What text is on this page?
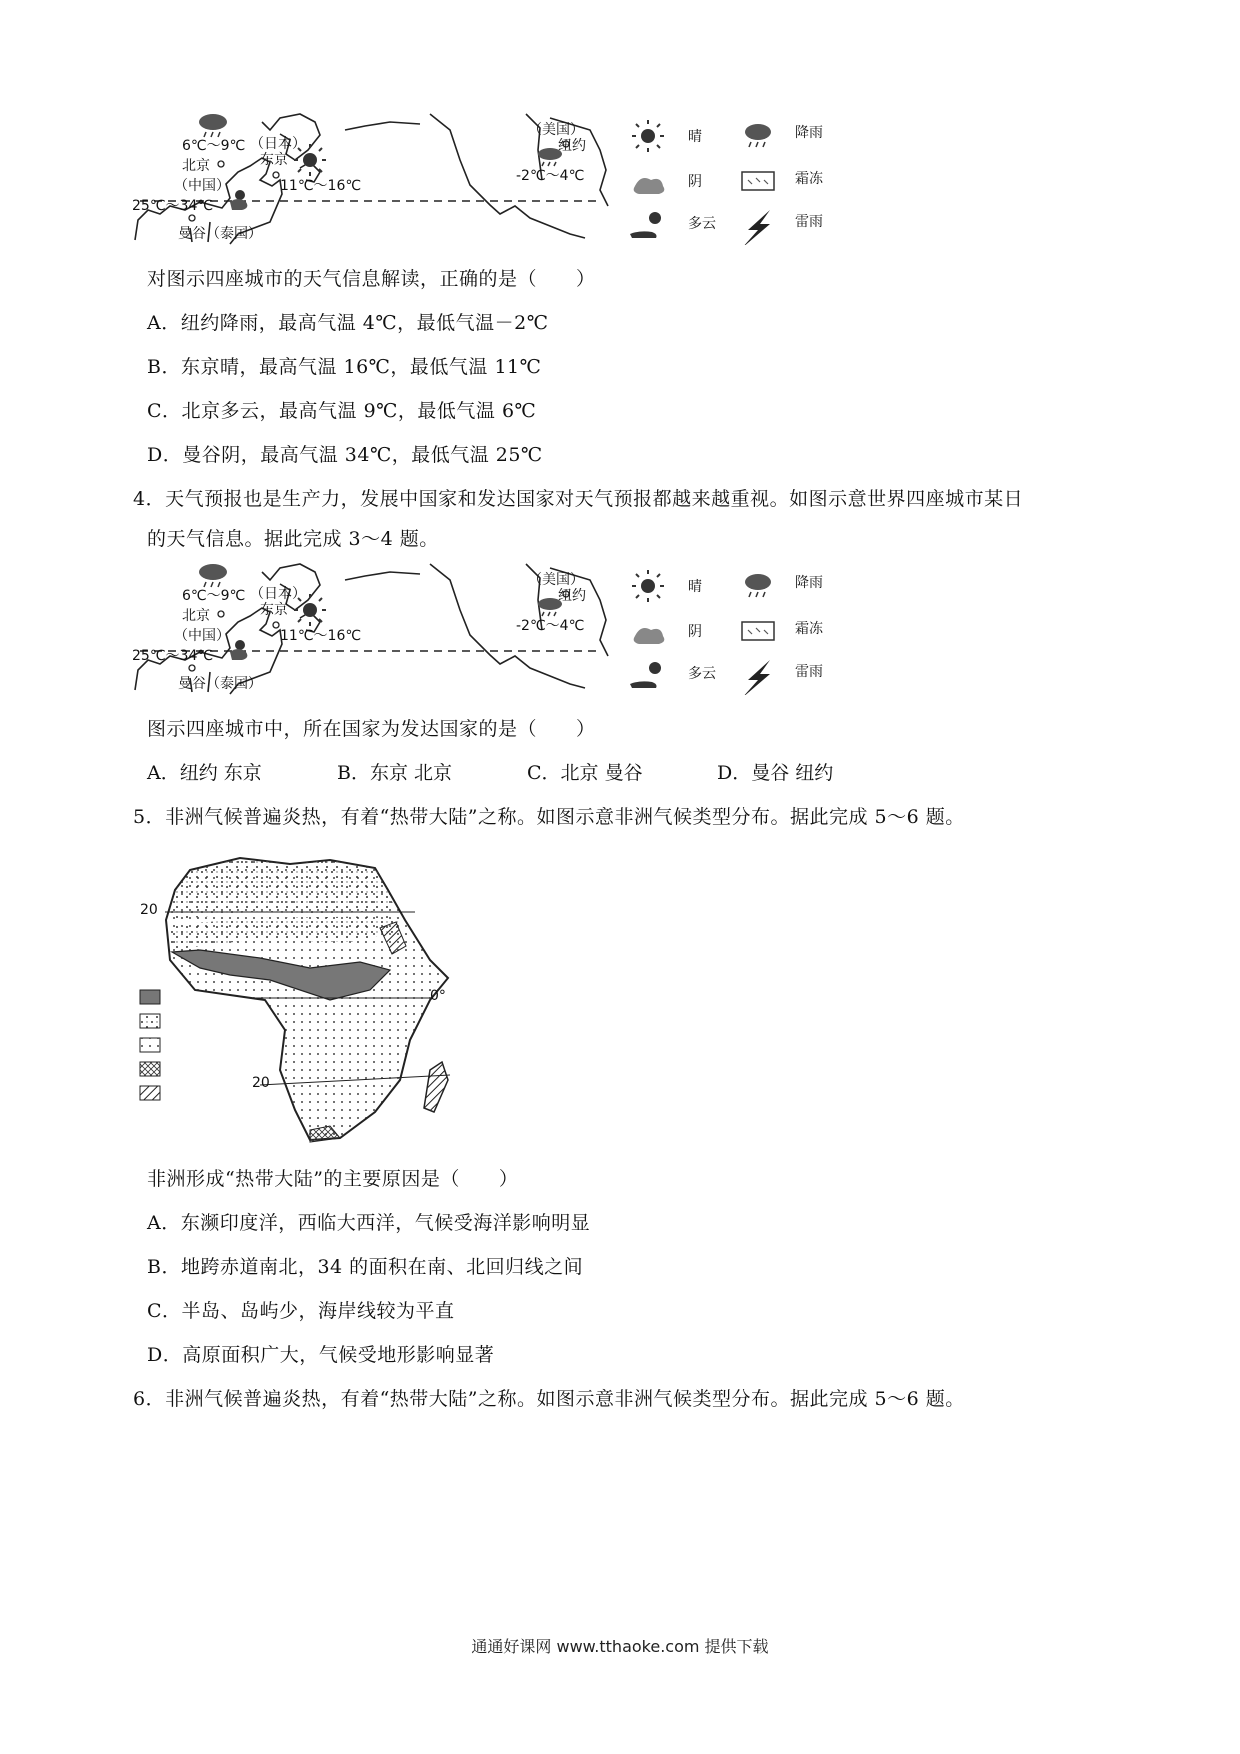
6℃～9℃ （日本）
北京	东京
（中国）	11℃～16℃
25℃～34℃
曼谷（泰国）
（美国）
纽约
-2℃～4℃
晴	降雨
阴	霜冻
多云	雷雨
对图示四座城市的天气信息解读，正确的是（　　）
A．纽约降雨，最高气温 4℃，最低气温－2℃
B．东京晴，最高气温 16℃，最低气温 11℃
C．北京多云，最高气温 9℃，最低气温 6℃
D．曼谷阴，最高气温 34℃，最低气温 25℃
4．天气预报也是生产力，发展中国家和发达国家对天气预报都越来越重视。如图示意世界四座城市某日
的天气信息。据此完成 3～4 题。
6℃～9℃ （日本）
北京	东京
（中国）	11℃～16℃
25℃～34℃
曼谷（泰国）
（美国）
纽约
-2℃～4℃
晴	降雨
阴	霜冻
多云	雷雨
图示四座城市中，所在国家为发达国家的是（　　）
A．纽约 东京	B．东京 北京	C．北京 曼谷	D．曼谷 纽约
5．非洲气候普遍炎热，有着“热带大陆”之称。如图示意非洲气候类型分布。据此完成 5～6 题。
20
0°
20
非洲形成“热带大陆”的主要原因是（　　）
A．东濒印度洋，西临大西洋，气候受海洋影响明显
B．地跨赤道南北，34 的面积在南、北回归线之间
C．半岛、岛屿少，海岸线较为平直
D．高原面积广大，气候受地形影响显著
6．非洲气候普遍炎热，有着“热带大陆”之称。如图示意非洲气候类型分布。据此完成 5～6 题。
通通好课网 www.tthaoke.com 提供下载
